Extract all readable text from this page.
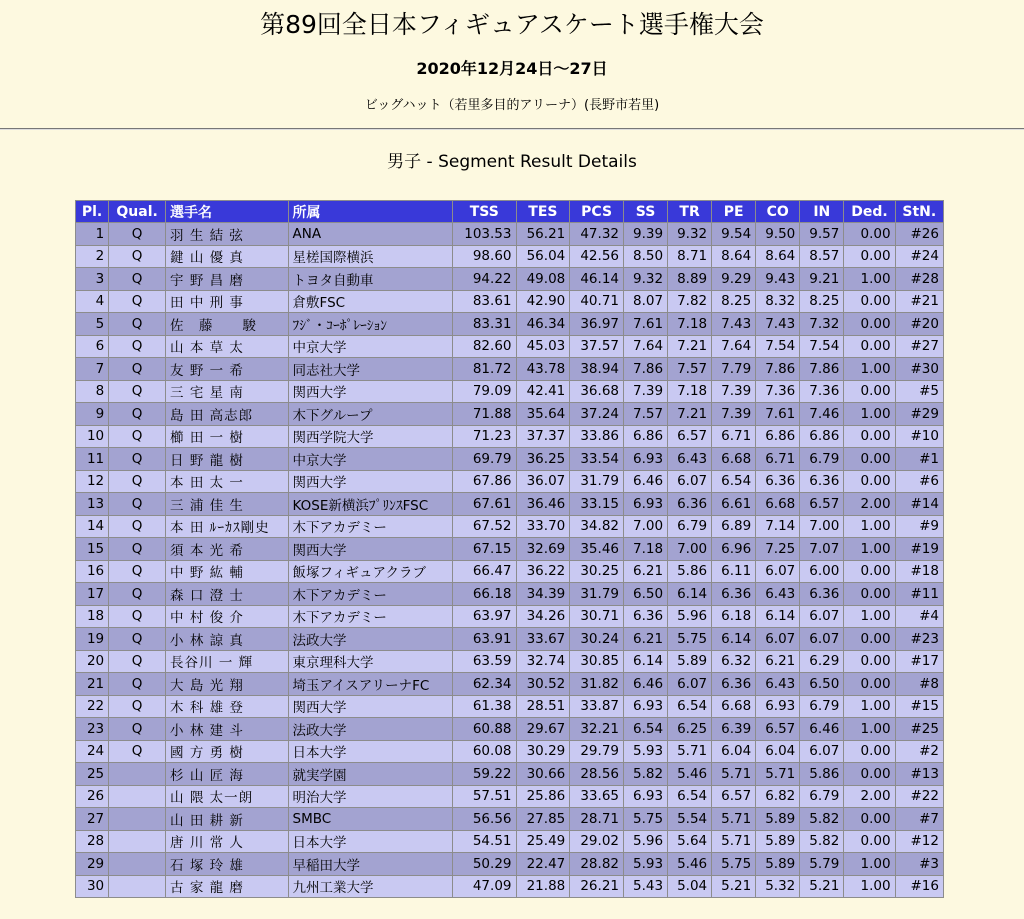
第89回全日本フィギュアスケート選手権大会
2020年12月24日～27日
ビッグハット（若里多目的アリーナ）(長野市若里)
男子 - Segment Result Details
Pl.	Qual.	選手名	所属	TSS	TES	PCS	SS	TR	PE	CO	IN	Ded.	StN.
1	Q	羽 生 結 弦	ANA	103.53	56.21	47.32	9.39	9.32	9.54	9.50	9.57	0.00	#26
2	Q	鍵 山 優 真	星槎国際横浜	98.60	56.04	42.56	8.50	8.71	8.64	8.64	8.57	0.00	#24
3	Q	宇 野 昌 磨	トヨタ自動車	94.22	49.08	46.14	9.32	8.89	9.29	9.43	9.21	1.00	#28
4	Q	田 中 刑 事	倉敷FSC	83.61	42.90	40.71	8.07	7.82	8.25	8.32	8.25	0.00	#21
5	Q	佐　藤　　駿	ﾌｼﾞ・ｺｰﾎﾟﾚｰｼｮﾝ	83.31	46.34	36.97	7.61	7.18	7.43	7.43	7.32	0.00	#20
6	Q	山 本 草 太	中京大学	82.60	45.03	37.57	7.64	7.21	7.64	7.54	7.54	0.00	#27
7	Q	友 野 一 希	同志社大学	81.72	43.78	38.94	7.86	7.57	7.79	7.86	7.86	1.00	#30
8	Q	三 宅 星 南	関西大学	79.09	42.41	36.68	7.39	7.18	7.39	7.36	7.36	0.00	#5
9	Q	島 田 高志郎	木下グループ	71.88	35.64	37.24	7.57	7.21	7.39	7.61	7.46	1.00	#29
10	Q	櫛 田 一 樹	関西学院大学	71.23	37.37	33.86	6.86	6.57	6.71	6.86	6.86	0.00	#10
11	Q	日 野 龍 樹	中京大学	69.79	36.25	33.54	6.93	6.43	6.68	6.71	6.79	0.00	#1
12	Q	本 田 太 一	関西大学	67.86	36.07	31.79	6.46	6.07	6.54	6.36	6.36	0.00	#6
13	Q	三 浦 佳 生	KOSE新横浜ﾌﾟﾘﾝｽFSC	67.61	36.46	33.15	6.93	6.36	6.61	6.68	6.57	2.00	#14
14	Q	本 田 ﾙｰｶｽ剛史	木下アカデミー	67.52	33.70	34.82	7.00	6.79	6.89	7.14	7.00	1.00	#9
15	Q	須 本 光 希	関西大学	67.15	32.69	35.46	7.18	7.00	6.96	7.25	7.07	1.00	#19
16	Q	中 野 紘 輔	飯塚フィギュアクラブ	66.47	36.22	30.25	6.21	5.86	6.11	6.07	6.00	0.00	#18
17	Q	森 口 澄 士	木下アカデミー	66.18	34.39	31.79	6.50	6.14	6.36	6.43	6.36	0.00	#11
18	Q	中 村 俊 介	木下アカデミー	63.97	34.26	30.71	6.36	5.96	6.18	6.14	6.07	1.00	#4
19	Q	小 林 諒 真	法政大学	63.91	33.67	30.24	6.21	5.75	6.14	6.07	6.07	0.00	#23
20	Q	長谷川 一 輝	東京理科大学	63.59	32.74	30.85	6.14	5.89	6.32	6.21	6.29	0.00	#17
21	Q	大 島 光 翔	埼玉アイスアリーナFC	62.34	30.52	31.82	6.46	6.07	6.36	6.43	6.50	0.00	#8
22	Q	木 科 雄 登	関西大学	61.38	28.51	33.87	6.93	6.54	6.68	6.93	6.79	1.00	#15
23	Q	小 林 建 斗	法政大学	60.88	29.67	32.21	6.54	6.25	6.39	6.57	6.46	1.00	#25
24	Q	國 方 勇 樹	日本大学	60.08	30.29	29.79	5.93	5.71	6.04	6.04	6.07	0.00	#2
25		杉 山 匠 海	就実学園	59.22	30.66	28.56	5.82	5.46	5.71	5.71	5.86	0.00	#13
26		山 隈 太一朗	明治大学	57.51	25.86	33.65	6.93	6.54	6.57	6.82	6.79	2.00	#22
27		山 田 耕 新	SMBC	56.56	27.85	28.71	5.75	5.54	5.71	5.89	5.82	0.00	#7
28		唐 川 常 人	日本大学	54.51	25.49	29.02	5.96	5.64	5.71	5.89	5.82	0.00	#12
29		石 塚 玲 雄	早稲田大学	50.29	22.47	28.82	5.93	5.46	5.75	5.89	5.79	1.00	#3
30		古 家 龍 磨	九州工業大学	47.09	21.88	26.21	5.43	5.04	5.21	5.32	5.21	1.00	#16
